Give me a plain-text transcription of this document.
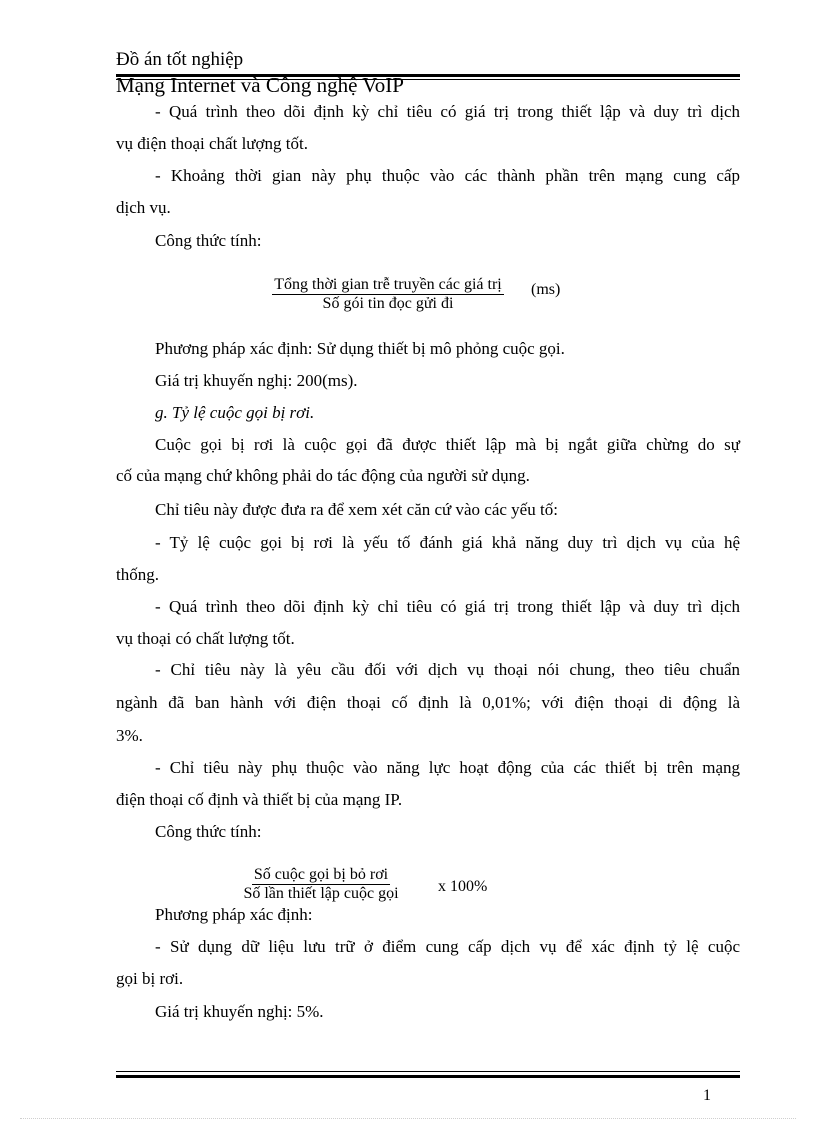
Đồ án tốt nghiệp
Mạng Internet và Công nghệ VoIP
- Quá trình theo dõi định kỳ chỉ tiêu có giá trị trong thiết lập và duy trì dịch
vụ điện thoại chất lượng tốt.
- Khoảng thời gian này phụ thuộc vào các thành phần trên mạng cung cấp
dịch vụ.
Công thức tính:
Tổng thời gian trễ truyền các giá trị
Số gói tin đọc gửi đi
(ms)
Phương pháp xác định: Sử dụng thiết bị mô phỏng cuộc gọi.
Giá trị khuyến nghị: 200(ms).
g. Tỷ lệ cuộc gọi bị rơi.
Cuộc gọi bị rơi là cuộc gọi đã được thiết lập mà bị ngắt giữa chừng do sự
cố của mạng chứ không phải do tác động của người sử dụng.
Chỉ tiêu này được đưa ra để xem xét căn cứ vào các yếu tố:
- Tỷ lệ cuộc gọi bị rơi là yếu tố đánh giá khả năng duy trì dịch vụ của hệ
thống.
- Quá trình theo dõi định kỳ chỉ tiêu có giá trị trong thiết lập và duy trì dịch
vụ thoại có chất lượng tốt.
- Chỉ tiêu này là yêu cầu đối với dịch vụ thoại nói chung, theo tiêu chuẩn
ngành đã ban hành với điện thoại cố định là 0,01%; với điện thoại di động là
3%.
- Chỉ tiêu này phụ thuộc vào năng lực hoạt động của các thiết bị trên mạng
điện thoại cố định và thiết bị của mạng IP.
Công thức tính:
Số cuộc gọi bị bỏ rơi
Số lần thiết lập cuộc gọi	x 100%
Phương pháp xác định:
- Sử dụng dữ liệu lưu trữ ở điểm cung cấp dịch vụ để xác định tỷ lệ cuộc
gọi bị rơi.
Giá trị khuyến nghị: 5%.
1
